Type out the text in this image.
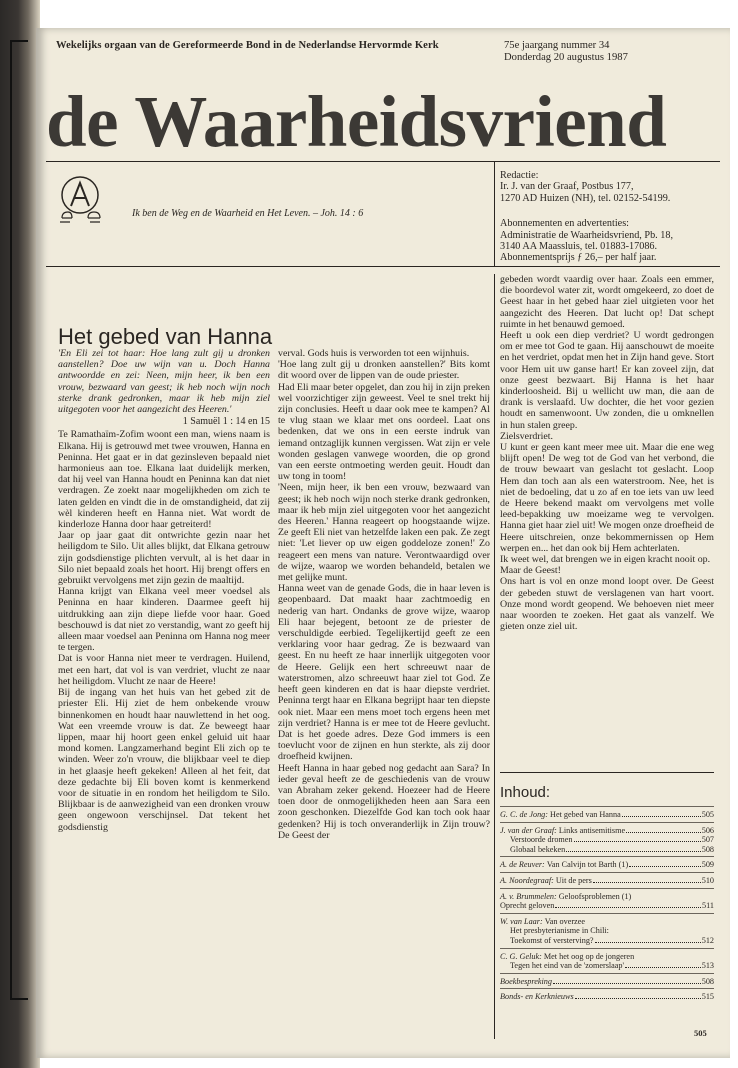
Wekelijks orgaan van de Gereformeerde Bond in de Nederlandse Hervormde Kerk	75e jaargang nummer 34
Donderdag 20 augustus 1987
de Waarheidsvriend
Ik ben de Weg en de Waarheid en Het Leven. – Joh. 14 : 6
Redactie:
Ir. J. van der Graaf, Postbus 177,
1270 AD Huizen (NH), tel. 02152-54199.
Abonnementen en advertenties:
Administratie de Waarheidsvriend, Pb. 18,
3140 AA Maassluis, tel. 01883-17086.
Abonnementsprijs ƒ 26,– per half jaar.
Het gebed van Hanna

'En Eli zei tot haar: Hoe lang zult gij u dronken aanstellen? Doe uw wijn van u. Doch Hanna antwoordde en zei: Neen, mijn heer, ik ben een vrouw, bezwaard van geest; ik heb noch wijn noch sterke drank gedronken, maar ik heb mijn ziel uitgegoten voor het aangezicht des Heeren.'

1 Samuël 1 : 14 en 15

Te Ramathaïm-Zofim woont een man, wiens naam is Elkana. Hij is getrouwd met twee vrouwen, Hanna en Peninna. Het gaat er in dat gezinsleven bepaald niet harmonieus aan toe. Elkana laat duidelijk merken, dat hij veel van Hanna houdt en Peninna kan dat niet verdragen. Ze zoekt naar mogelijkheden om zich te laten gelden en vindt die in de omstandigheid, dat zij wèl kinderen heeft en Hanna niet. Wat wordt de kinderloze Hanna door haar getreiterd!

Jaar op jaar gaat dit ontwrichte gezin naar het heiligdom te Silo. Uit alles blijkt, dat Elkana getrouw zijn godsdienstige plichten vervult, al is het daar in Silo niet bepaald zoals het hoort. Hij brengt offers en gebruikt vervolgens met zijn gezin de maaltijd.

Hanna krijgt van Elkana veel meer voedsel als Peninna en haar kinderen. Daarmee geeft hij uitdrukking aan zijn diepe liefde voor haar. Goed beschouwd is dat niet zo verstandig, want zo geeft hij alleen maar voedsel aan Peninna om Hanna nog meer te tergen.

Dat is voor Hanna niet meer te verdragen. Huilend, met een hart, dat vol is van verdriet, vlucht ze naar het heiligdom. Vlucht ze naar de Heere!

Bij de ingang van het huis van het gebed zit de priester Eli. Hij ziet de hem onbekende vrouw binnenkomen en houdt haar nauwlettend in het oog. Wat een vreemde vrouw is dat. Ze beweegt haar lippen, maar hij hoort geen enkel geluid uit haar mond komen. Langzamerhand begint Eli zich op te winden. Weer zo'n vrouw, die blijkbaar veel te diep in het glaasje heeft gekeken! Alleen al het feit, dat deze gedachte bij Eli boven komt is kenmerkend voor de situatie in en rondom het heiligdom te Silo. Blijkbaar is de aanwezigheid van een dronken vrouw geen ongewoon verschijnsel. Dat tekent het godsdienstig

verval. Gods huis is verworden tot een wijnhuis.

'Hoe lang zult gij u dronken aanstellen?' Bits komt dit woord over de lippen van de oude priester.

Had Eli maar beter opgelet, dan zou hij in zijn preken wel voorzichtiger zijn geweest. Veel te snel trekt hij zijn conclusies. Heeft u daar ook mee te kampen? Al te vlug staan we klaar met ons oordeel. Laat ons bedenken, dat we ons in een eerste indruk van iemand ontzaglijk kunnen vergissen. Wat zijn er vele wonden geslagen vanwege woorden, die op grond van een eerste ontmoeting werden geuit. Houdt dan uw tong in toom!

'Neen, mijn heer, ik ben een vrouw, bezwaard van geest; ik heb noch wijn noch sterke drank gedronken, maar ik heb mijn ziel uitgegoten voor het aangezicht des Heeren.' Hanna reageert op hoogstaande wijze. Ze geeft Eli niet van hetzelfde laken een pak. Ze zegt niet: 'Let liever op uw eigen goddeloze zonen!' Zo reageert een mens van nature. Verontwaardigd over de wijze, waarop we worden behandeld, betalen we met gelijke munt.

Hanna weet van de genade Gods, die in haar leven is geopenbaard. Dat maakt haar zachtmoedig en nederig van hart. Ondanks de grove wijze, waarop Eli haar bejegent, betoont ze de priester de verschuldigde eerbied. Tegelijkertijd geeft ze een verklaring voor haar gedrag. Ze is bezwaard van geest. En nu heeft ze haar innerlijk uitgegoten voor de Heere. Gelijk een hert schreeuwt naar de waterstromen, alzo schreeuwt haar ziel tot God. Ze heeft geen kinderen en dat is haar diepste verdriet. Peninna tergt haar en Elkana begrijpt haar ten diepste ook niet. Maar een mens moet toch ergens heen met zijn verdriet? Hanna is er mee tot de Heere gevlucht. Dat is het goede adres. Deze God immers is een toevlucht voor de zijnen en hun sterkte, als zij door droefheid kwijnen.

Heeft Hanna in haar gebed nog gedacht aan Sara? In ieder geval heeft ze de geschiedenis van de vrouw van Abraham zeker gekend. Hoezeer had de Heere toen door de onmogelijkheden heen aan Sara een zoon geschonken. Diezelfde God kan toch ook haar gedenken? Hij is toch onveranderlijk in Zijn trouw? De Geest der

gebeden wordt vaardig over haar. Zoals een emmer, die boordevol water zit, wordt omgekeerd, zo doet de Geest haar in het gebed haar ziel uitgieten voor het aangezicht des Heeren. Dat lucht op! Dat schept ruimte in het benauwd gemoed.

Heeft u ook een diep verdriet? U wordt gedrongen om er mee tot God te gaan. Hij aanschouwt de moeite en het verdriet, opdat men het in Zijn hand geve. Stort voor Hem uit uw ganse hart! Er kan zoveel zijn, dat onze geest bezwaart. Bij Hanna is het haar kinderloosheid. Bij u wellicht uw man, die aan de drank is verslaafd. Uw dochter, die het voor gezien houdt en samenwoont. Uw zonden, die u omknellen in hun stalen greep.

Zielsverdriet.

U kunt er geen kant meer mee uit. Maar die ene weg blijft open! De weg tot de God van het verbond, die de trouw bewaart van geslacht tot geslacht. Loop Hem dan toch aan als een waterstroom. Nee, het is niet de bedoeling, dat u zo af en toe iets van uw leed de Heere bekend maakt om vervolgens met volle leed-bepakking uw moeizame weg te vervolgen. Hanna giet haar ziel uit! We mogen onze droefheid de Heere uitschreien, onze bekommernissen op Hem werpen en... het dan ook bij Hem achterlaten.

Ik weet wel, dat brengen we in eigen kracht nooit op.

Maar de Geest!

Ons hart is vol en onze mond loopt over. De Geest der gebeden stuwt de verslagenen van hart voort. Onze mond wordt geopend. We behoeven niet meer naar woorden te zoeken. Het gaat als vanzelf. We gieten onze ziel uit.

Inhoud:
G. C. de Jong:
Het gebed van Hanna	505
J. van der Graaf:
Links antisemitisme	506
Verstoorde dromen	507
Globaal bekeken	508
A. de Reuver:
Van Calvijn tot Barth (1)	509
A. Noordegraaf:
Uit de pers	510
A. v. Brummelen:
Geloofsproblemen (1)
Oprecht geloven	511
W. van Laar:
Van overzee
Het presbyterianisme in Chili:
Toekomst of versterving?	512
C. G. Geluk:
Met het oog op de jongeren
Tegen het eind van de 'zomerslaap'	513
Boekbespreking	508
Bonds- en Kerknieuws	515
505
